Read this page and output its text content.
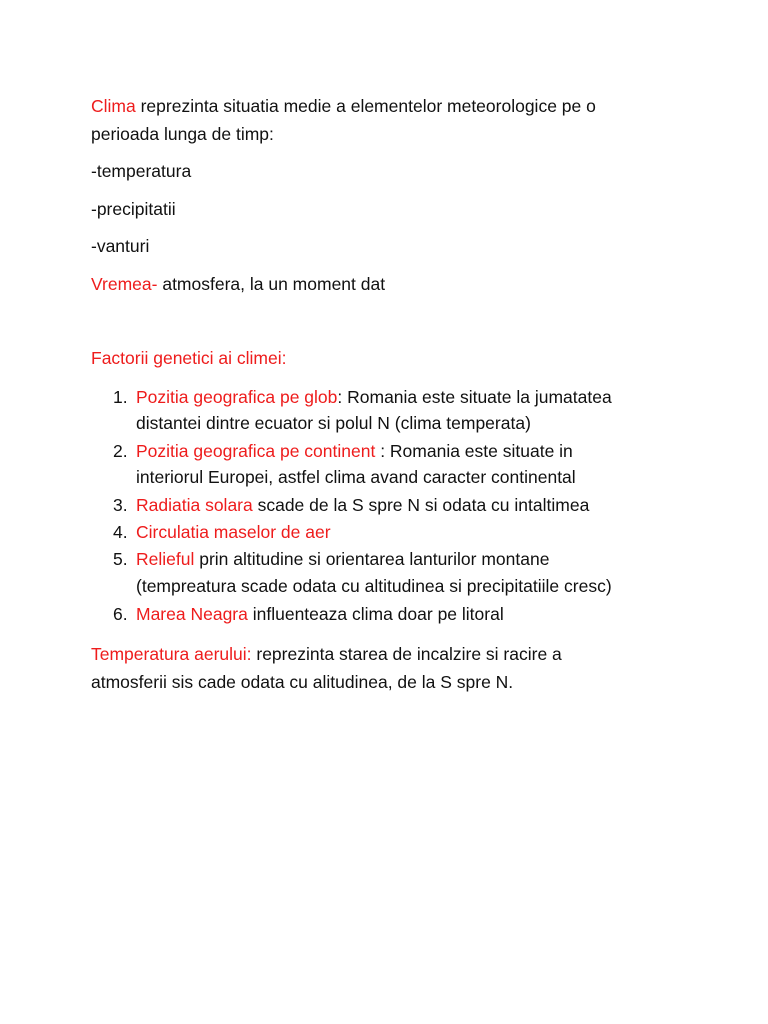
Clima reprezinta situatia medie a elementelor meteorologice pe o
perioada lunga de timp:
-temperatura
-precipitatii
-vanturi
Vremea- atmosfera, la un moment dat
Factorii genetici ai climei:
1. Pozitia geografica pe glob: Romania este situate la jumatatea
distantei dintre ecuator si polul N (clima temperata)
2. Pozitia geografica pe continent : Romania este situate in
interiorul Europei, astfel clima avand caracter continental
3. Radiatia solara scade de la S spre N si odata cu intaltimea
4. Circulatia maselor de aer
5. Relieful prin altitudine si orientarea lanturilor montane
(tempreatura scade odata cu altitudinea si precipitatiile cresc)
6. Marea Neagra influenteaza clima doar pe litoral
Temperatura aerului: reprezinta starea de incalzire si racire a
atmosferii sis cade odata cu alitudinea, de la S spre N.
